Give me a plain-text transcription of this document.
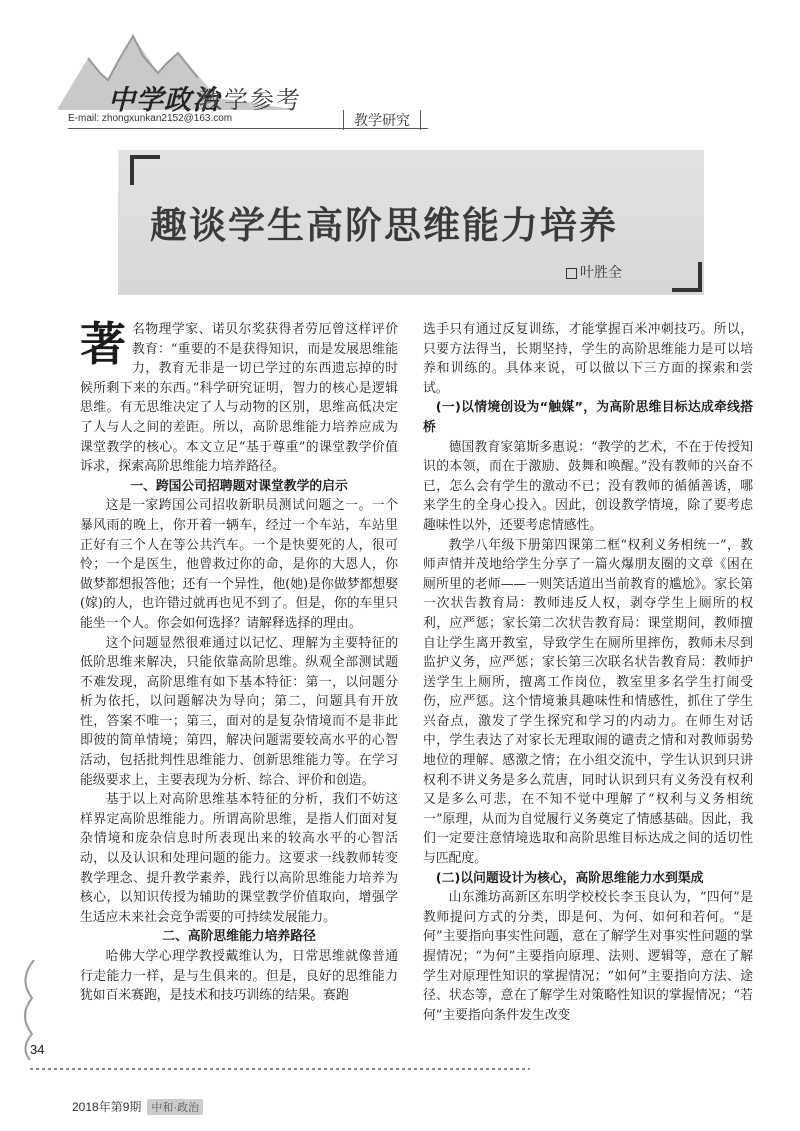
中学政治
教学参考
E-mail: zhongxunkan2152@163.com	教学研究
趣谈学生高阶思维能力培养
叶胜全

著名物理学家、诺贝尔奖获得者劳厄曾这样评价教育：“重要的不是获得知识，而是发展思维能力，教育无非是一切已学过的东西遗忘掉的时候所剩下来的东西。”科学研究证明，智力的核心是逻辑思维。有无思维决定了人与动物的区别，思维高低决定了人与人之间的差距。所以，高阶思维能力培养应成为课堂教学的核心。本文立足“基于尊重”的课堂教学价值诉求，探索高阶思维能力培养路径。

一、跨国公司招聘题对课堂教学的启示

这是一家跨国公司招收新职员测试问题之一。一个暴风雨的晚上，你开着一辆车，经过一个车站，车站里正好有三个人在等公共汽车。一个是快要死的人，很可怜；一个是医生，他曾救过你的命，是你的大恩人，你做梦都想报答他；还有一个异性，他(她)是你做梦都想娶(嫁)的人，也许错过就再也见不到了。但是，你的车里只能坐一个人。你会如何选择？请解释选择的理由。

这个问题显然很难通过以记忆、理解为主要特征的低阶思维来解决，只能依靠高阶思维。纵观全部测试题不难发现，高阶思维有如下基本特征：第一，以问题分析为依托，以问题解决为导向；第二，问题具有开放性，答案不唯一；第三，面对的是复杂情境而不是非此即彼的简单情境；第四，解决问题需要较高水平的心智活动，包括批判性思维能力、创新思维能力等。在学习能级要求上，主要表现为分析、综合、评价和创造。

基于以上对高阶思维基本特征的分析，我们不妨这样界定高阶思维能力。所谓高阶思维，是指人们面对复杂情境和庞杂信息时所表现出来的较高水平的心智活动，以及认识和处理问题的能力。这要求一线教师转变教学理念、提升教学素养，践行以高阶思维能力培养为核心，以知识传授为辅助的课堂教学价值取向，增强学生适应未来社会竞争需要的可持续发展能力。

二、高阶思维能力培养路径

哈佛大学心理学教授戴维认为，日常思维就像普通行走能力一样，是与生俱来的。但是，良好的思维能力犹如百米赛跑，是技术和技巧训练的结果。赛跑

选手只有通过反复训练，才能掌握百米冲刺技巧。所以，只要方法得当，长期坚持，学生的高阶思维能力是可以培养和训练的。具体来说，可以做以下三方面的探索和尝试。

(一)以情境创设为“触媒”，为高阶思维目标达成牵线搭桥

德国教育家第斯多惠说：“教学的艺术，不在于传授知识的本领，而在于激励、鼓舞和唤醒。”没有教师的兴奋不已，怎么会有学生的激动不已；没有教师的循循善诱，哪来学生的全身心投入。因此，创设教学情境，除了要考虑趣味性以外，还要考虑情感性。

教学八年级下册第四课第二框“权利义务相统一”，教师声情并茂地给学生分享了一篇火爆朋友圈的文章《困在厕所里的老师——一则笑话道出当前教育的尴尬》。家长第一次状告教育局：教师违反人权，剥夺学生上厕所的权利，应严惩；家长第二次状告教育局：课堂期间，教师擅自让学生离开教室，导致学生在厕所里摔伤，教师未尽到监护义务，应严惩；家长第三次联名状告教育局：教师护送学生上厕所，擅离工作岗位，教室里多名学生打闹受伤，应严惩。这个情境兼具趣味性和情感性，抓住了学生兴奋点，激发了学生探究和学习的内动力。在师生对话中，学生表达了对家长无理取闹的谴责之情和对教师弱势地位的理解、感激之情；在小组交流中，学生认识到只讲权利不讲义务是多么荒唐，同时认识到只有义务没有权利又是多么可悲，在不知不觉中理解了“权利与义务相统一”原理，从而为自觉履行义务奠定了情感基础。因此，我们一定要注意情境选取和高阶思维目标达成之间的适切性与匹配度。

(二)以问题设计为核心，高阶思维能力水到渠成

山东潍坊高新区东明学校校长李玉良认为，“四何”是教师提问方式的分类，即是何、为何、如何和若何。“是何”主要指向事实性问题，意在了解学生对事实性问题的掌握情况；“为何”主要指向原理、法则、逻辑等，意在了解学生对原理性知识的掌握情况；“如何”主要指向方法、途径、状态等，意在了解学生对策略性知识的掌握情况；“若何”主要指向条件发生改变

34
2018年第9期 中和·政治
